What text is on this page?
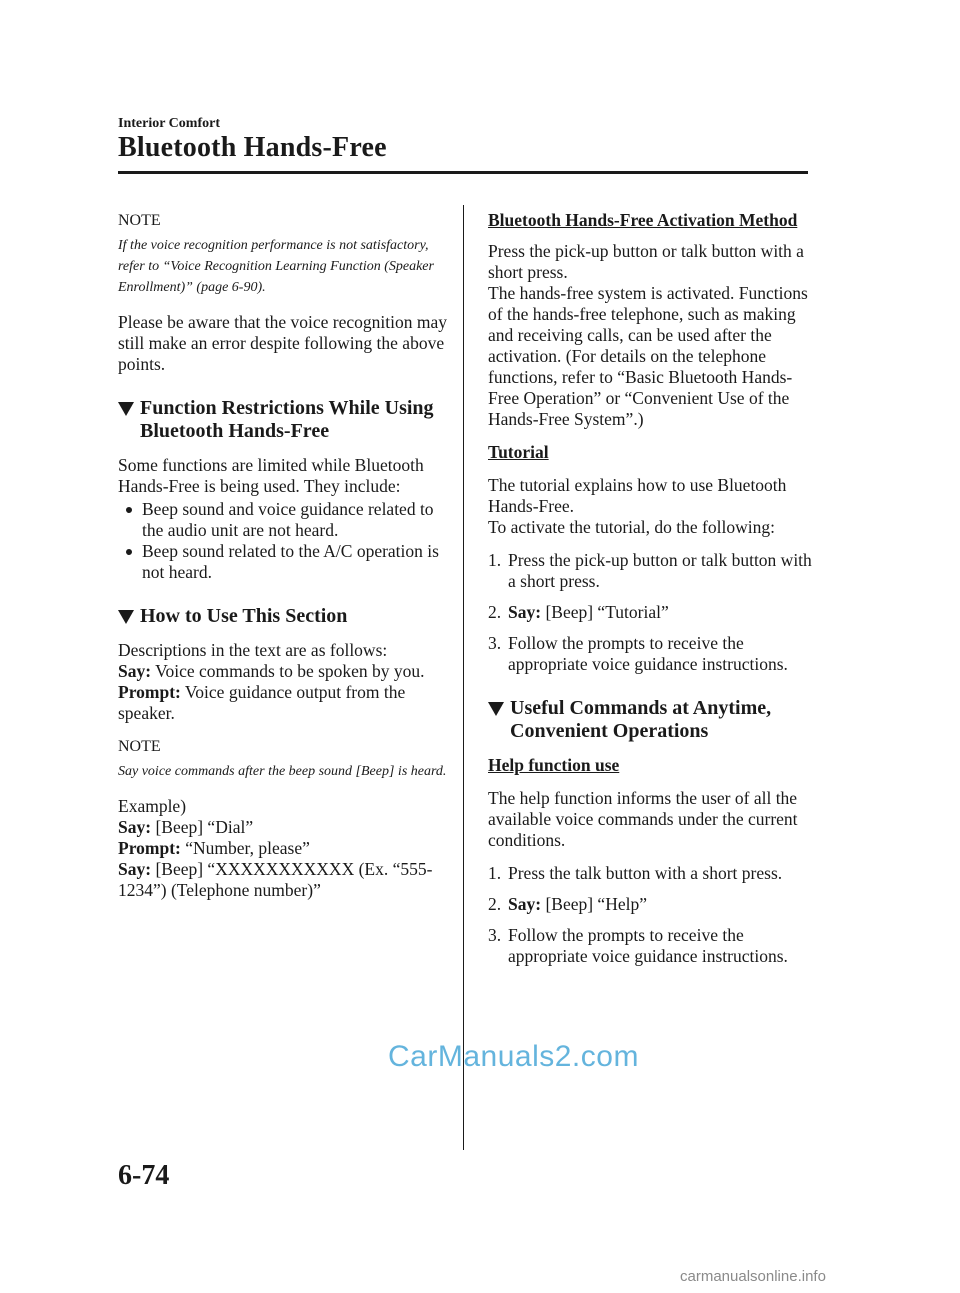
Interior Comfort
Bluetooth Hands-Free
NOTE
If the voice recognition performance is not satisfactory, refer to “Voice Recognition Learning Function (Speaker Enrollment)” (page 6-90).
Please be aware that the voice recognition may still make an error despite following the above points.
Function Restrictions While Using Bluetooth Hands-Free
Some functions are limited while Bluetooth Hands-Free is being used. They include:
Beep sound and voice guidance related to the audio unit are not heard.
Beep sound related to the A/C operation is not heard.
How to Use This Section
Descriptions in the text are as follows:
Say: Voice commands to be spoken by you.
Prompt: Voice guidance output from the speaker.
NOTE
Say voice commands after the beep sound [Beep] is heard.
Example)
Say: [Beep] “Dial”
Prompt: “Number, please”
Say: [Beep] “XXXXXXXXXXX (Ex. “555-1234”) (Telephone number)”
Bluetooth Hands-Free Activation Method
Press the pick-up button or talk button with a short press.
The hands-free system is activated. Functions of the hands-free telephone, such as making and receiving calls, can be used after the activation. (For details on the telephone functions, refer to “Basic Bluetooth Hands-Free Operation” or “Convenient Use of the Hands-Free System”.)
Tutorial
The tutorial explains how to use Bluetooth Hands-Free.
To activate the tutorial, do the following:
1. Press the pick-up button or talk button with a short press.
2. Say: [Beep] “Tutorial”
3. Follow the prompts to receive the appropriate voice guidance instructions.
Useful Commands at Anytime, Convenient Operations
Help function use
The help function informs the user of all the available voice commands under the current conditions.
1. Press the talk button with a short press.
2. Say: [Beep] “Help”
3. Follow the prompts to receive the appropriate voice guidance instructions.
CarManuals2.com
6-74
carmanualsonline.info
